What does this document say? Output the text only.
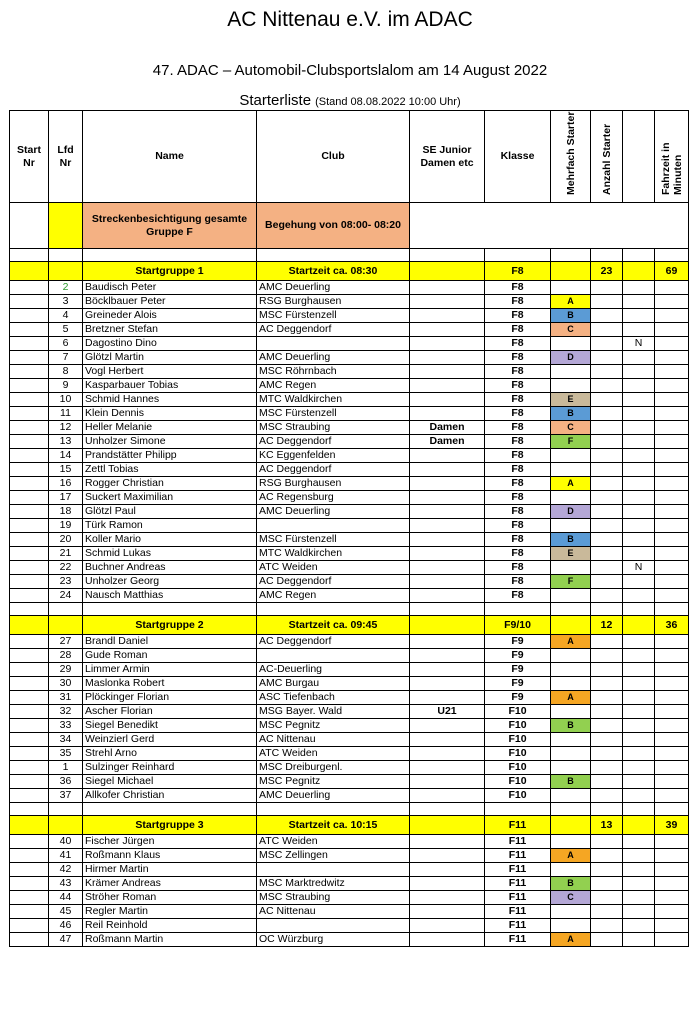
AC Nittenau e.V. im ADAC
47. ADAC – Automobil-Clubsportslalom am 14 August 2022
Starterliste (Stand 08.08.2022 10:00 Uhr)
Start Nr	Lfd Nr	Name	Club	SE Junior Damen etc	Klasse	Mehrfach Starter	Anzahl Starter		Fahrzeit in Minuten
		Streckenbesichtigung gesamte Gruppe F	Begehung von 08:00- 08:20						

		Startgruppe 1	Startzeit ca. 08:30		F8		23		69
	2	Baudisch Peter	AMC Deuerling		F8				
	3	Böcklbauer Peter	RSG Burghausen		F8	A			
	4	Greineder Alois	MSC Fürstenzell		F8	B			
	5	Bretzner Stefan	AC Deggendorf		F8	C			
	6	Dagostino Dino			F8			N	
	7	Glötzl Martin	AMC Deuerling		F8	D			
	8	Vogl Herbert	MSC Röhrnbach		F8				
	9	Kasparbauer Tobias	AMC Regen		F8				
	10	Schmid Hannes	MTC Waldkirchen		F8	E			
	11	Klein Dennis	MSC Fürstenzell		F8	B			
	12	Heller Melanie	MSC Straubing	Damen	F8	C			
	13	Unholzer Simone	AC Deggendorf	Damen	F8	F			
	14	Prandstätter Philipp	KC Eggenfelden		F8				
	15	Zettl Tobias	AC Deggendorf		F8				
	16	Rogger Christian	RSG Burghausen		F8	A			
	17	Suckert Maximilian	AC Regensburg		F8				
	18	Glötzl Paul	AMC Deuerling		F8	D			
	19	Türk Ramon			F8				
	20	Koller Mario	MSC Fürstenzell		F8	B			
	21	Schmid Lukas	MTC Waldkirchen		F8	E			
	22	Buchner Andreas	ATC Weiden		F8			N	
	23	Unholzer Georg	AC Deggendorf		F8	F			
	24	Nausch Matthias	AMC Regen		F8				

		Startgruppe 2	Startzeit ca. 09:45		F9/10		12		36
	27	Brandl Daniel	AC Deggendorf		F9	A			
	28	Gude Roman			F9				
	29	Limmer Armin	AC-Deuerling		F9				
	30	Maslonka Robert	AMC Burgau		F9				
	31	Plöckinger Florian	ASC Tiefenbach		F9	A			
	32	Ascher Florian	MSG Bayer. Wald	U21	F10				
	33	Siegel Benedikt	MSC Pegnitz		F10	B			
	34	Weinzierl Gerd	AC Nittenau		F10				
	35	Strehl Arno	ATC Weiden		F10				
	1	Sulzinger Reinhard	MSC Dreiburgenl.		F10				
	36	Siegel Michael	MSC Pegnitz		F10	B			
	37	Allkofer Christian	AMC Deuerling		F10				

		Startgruppe 3	Startzeit ca. 10:15		F11		13		39
	40	Fischer Jürgen	ATC Weiden		F11				
	41	Roßmann Klaus	MSC Zellingen		F11	A			
	42	Hirmer Martin			F11				
	43	Krämer Andreas	MSC Marktredwitz		F11	B			
	44	Ströher Roman	MSC Straubing		F11	C			
	45	Regler Martin	AC Nittenau		F11				
	46	Reil Reinhold			F11				
	47	Roßmann Martin	OC Würzburg		F11	A			
